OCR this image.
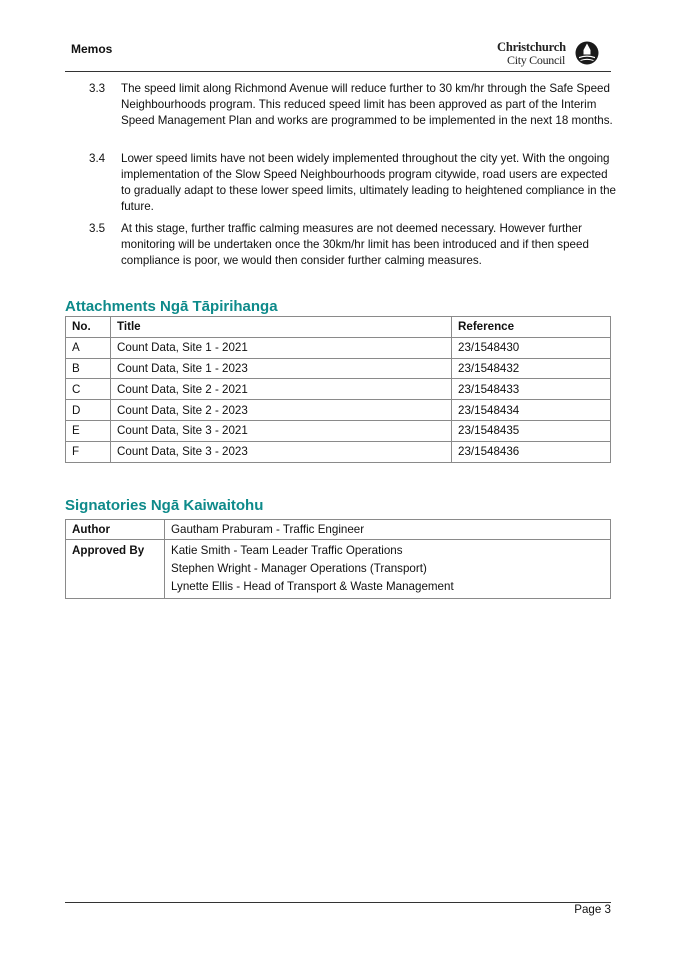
Memos	Christchurch
City Council
3.3 The speed limit along Richmond Avenue will reduce further to 30 km/hr through the Safe Speed Neighbourhoods program. This reduced speed limit has been approved as part of the Interim Speed Management Plan and works are programmed to be implemented in the next 18 months.
3.4 Lower speed limits have not been widely implemented throughout the city yet. With the ongoing implementation of the Slow Speed Neighbourhoods program citywide, road users are expected to gradually adapt to these lower speed limits, ultimately leading to heightened compliance in the future.
3.5 At this stage, further traffic calming measures are not deemed necessary. However further monitoring will be undertaken once the 30km/hr limit has been introduced and if then speed compliance is poor, we would then consider further calming measures.
Attachments Ngā Tāpirihanga
No.	Title	Reference
A	Count Data, Site 1 - 2021	23/1548430
B	Count Data, Site 1 - 2023	23/1548432
C	Count Data, Site 2 - 2021	23/1548433
D	Count Data, Site 2 - 2023	23/1548434
E	Count Data, Site 3 - 2021	23/1548435
F	Count Data, Site 3 - 2023	23/1548436
Signatories Ngā Kaiwaitohu
Author	Gautham Praburam - Traffic Engineer
Approved By	Katie Smith - Team Leader Traffic Operations
Stephen Wright - Manager Operations (Transport)
Lynette Ellis - Head of Transport & Waste Management
Page 3
